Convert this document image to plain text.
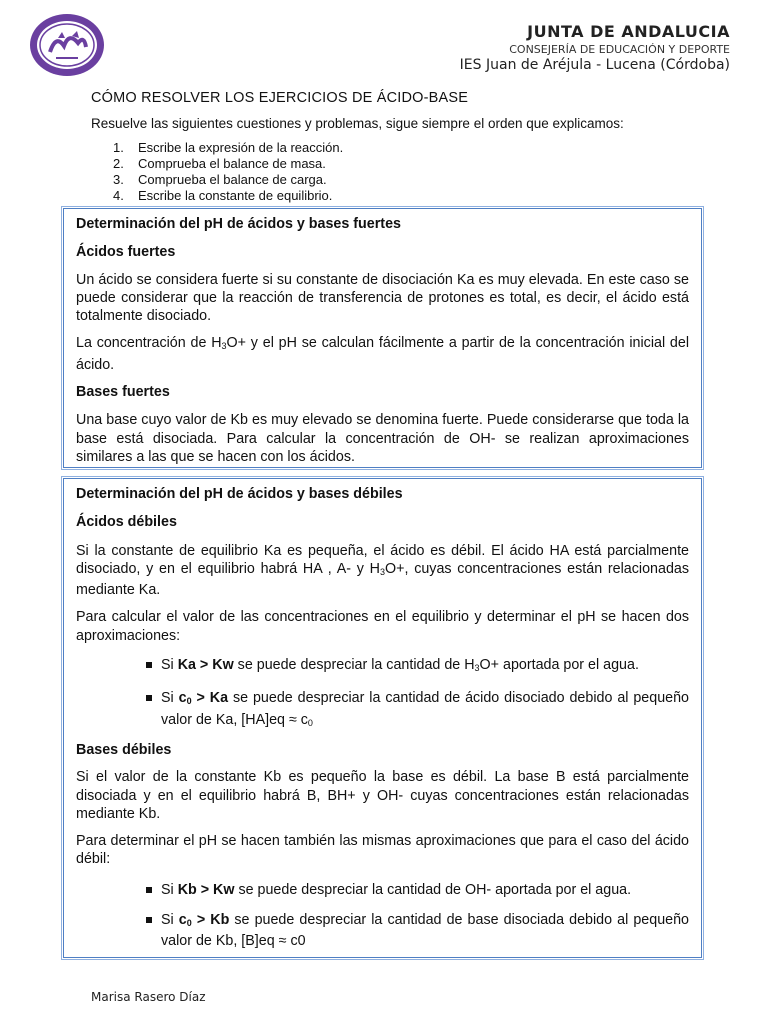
JUNTA DE ANDALUCIA
CONSEJERÍA DE EDUCACIÓN Y DEPORTE
IES Juan de Aréjula - Lucena (Córdoba)
CÓMO RESOLVER LOS EJERCICIOS DE ÁCIDO-BASE
Resuelve las siguientes cuestiones y problemas, sigue siempre el orden que explicamos:
1.	Escribe la expresión de la reacción.
2.	Comprueba el balance de masa.
3.	Comprueba el balance de carga.
4.	Escribe la constante de equilibrio.

Determinación del pH de ácidos y bases fuertes

Ácidos fuertes

Un ácido se considera fuerte si su constante de disociación Ka es muy elevada. En este caso se puede considerar que la reacción de transferencia de protones es total, es decir, el ácido está totalmente disociado.

La concentración de $H_3O+ y$ el pH se calculan fácilmente a partir de la concentración inicial del ácido.

Bases fuertes

Una base cuyo valor de Kb es muy elevado se denomina fuerte. Puede considerarse que toda la base está disociada. Para calcular la concentración de OH- se realizan aproximaciones similares a las que se hacen con los ácidos.

Determinación del pH de ácidos y bases débiles

Ácidos débiles

Si la constante de equilibrio Ka es pequeña, el ácido es débil. El ácido HA está parcialmente disociado, y en el equilibrio habrá HA , A- y $H_3O+$, cuyas concentraciones están relacionadas mediante Ka.

Para calcular el valor de las concentraciones en el equilibrio y determinar el pH se hacen dos aproximaciones:

Si Ka > Kw se puede despreciar la cantidad de $H_3O+$ aportada por el agua.

Si $c_0 > Ka$ se puede despreciar la cantidad de ácido disociado debido al pequeño valor de Ka, $[HA]eq \approx c_0$

Bases débiles

Si el valor de la constante Kb es pequeño la base es débil. La base B está parcialmente disociada y en el equilibrio habrá B, BH+ y OH- cuyas concentraciones están relacionadas mediante Kb.

Para determinar el pH se hacen también las mismas aproximaciones que para el caso del ácido débil:

Si Kb > Kw se puede despreciar la cantidad de OH- aportada por el agua.

Si $c_0 > Kb$ se puede despreciar la cantidad de base disociada debido al pequeño valor de Kb, [B]eq ≈ c0

Marisa Rasero Díaz
